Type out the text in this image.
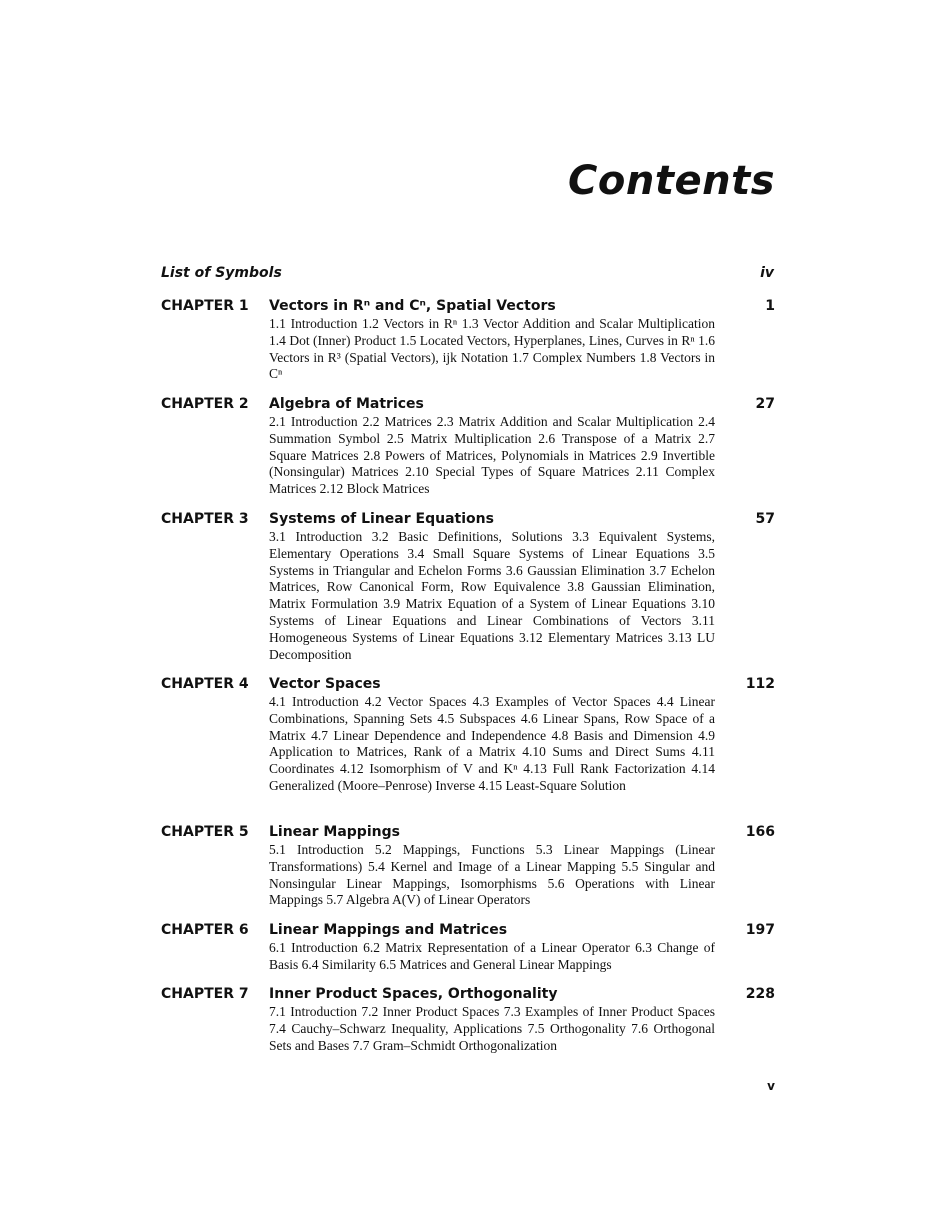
Contents
List of Symbols	iv
CHAPTER 1 Vectors in Rⁿ and Cⁿ, Spatial Vectors	1
1.1 Introduction 1.2 Vectors in Rⁿ 1.3 Vector Addition and Scalar Multiplication 1.4 Dot (Inner) Product 1.5 Located Vectors, Hyperplanes, Lines, Curves in Rⁿ 1.6 Vectors in R³ (Spatial Vectors), ijk Notation 1.7 Complex Numbers 1.8 Vectors in Cⁿ
CHAPTER 2 Algebra of Matrices	27
2.1 Introduction 2.2 Matrices 2.3 Matrix Addition and Scalar Multiplication 2.4 Summation Symbol 2.5 Matrix Multiplication 2.6 Transpose of a Matrix 2.7 Square Matrices 2.8 Powers of Matrices, Polynomials in Matrices 2.9 Invertible (Nonsingular) Matrices 2.10 Special Types of Square Matrices 2.11 Complex Matrices 2.12 Block Matrices
CHAPTER 3 Systems of Linear Equations	57
3.1 Introduction 3.2 Basic Definitions, Solutions 3.3 Equivalent Systems, Elementary Operations 3.4 Small Square Systems of Linear Equations 3.5 Systems in Triangular and Echelon Forms 3.6 Gaussian Elimination 3.7 Echelon Matrices, Row Canonical Form, Row Equivalence 3.8 Gaussian Elimination, Matrix Formulation 3.9 Matrix Equation of a System of Linear Equations 3.10 Systems of Linear Equations and Linear Combinations of Vectors 3.11 Homogeneous Systems of Linear Equations 3.12 Elementary Matrices 3.13 LU Decomposition
CHAPTER 4 Vector Spaces	112
4.1 Introduction 4.2 Vector Spaces 4.3 Examples of Vector Spaces 4.4 Linear Combinations, Spanning Sets 4.5 Subspaces 4.6 Linear Spans, Row Space of a Matrix 4.7 Linear Dependence and Independence 4.8 Basis and Dimension 4.9 Application to Matrices, Rank of a Matrix 4.10 Sums and Direct Sums 4.11 Coordinates 4.12 Isomorphism of V and Kⁿ 4.13 Full Rank Factorization 4.14 Generalized (Moore–Penrose) Inverse 4.15 Least-Square Solution
CHAPTER 5 Linear Mappings	166
5.1 Introduction 5.2 Mappings, Functions 5.3 Linear Mappings (Linear Transformations) 5.4 Kernel and Image of a Linear Mapping 5.5 Singular and Nonsingular Linear Mappings, Isomorphisms 5.6 Operations with Linear Mappings 5.7 Algebra A(V) of Linear Operators
CHAPTER 6 Linear Mappings and Matrices	197
6.1 Introduction 6.2 Matrix Representation of a Linear Operator 6.3 Change of Basis 6.4 Similarity 6.5 Matrices and General Linear Mappings
CHAPTER 7 Inner Product Spaces, Orthogonality	228
7.1 Introduction 7.2 Inner Product Spaces 7.3 Examples of Inner Product Spaces 7.4 Cauchy–Schwarz Inequality, Applications 7.5 Orthogonality 7.6 Orthogonal Sets and Bases 7.7 Gram–Schmidt Orthogonalization
v
